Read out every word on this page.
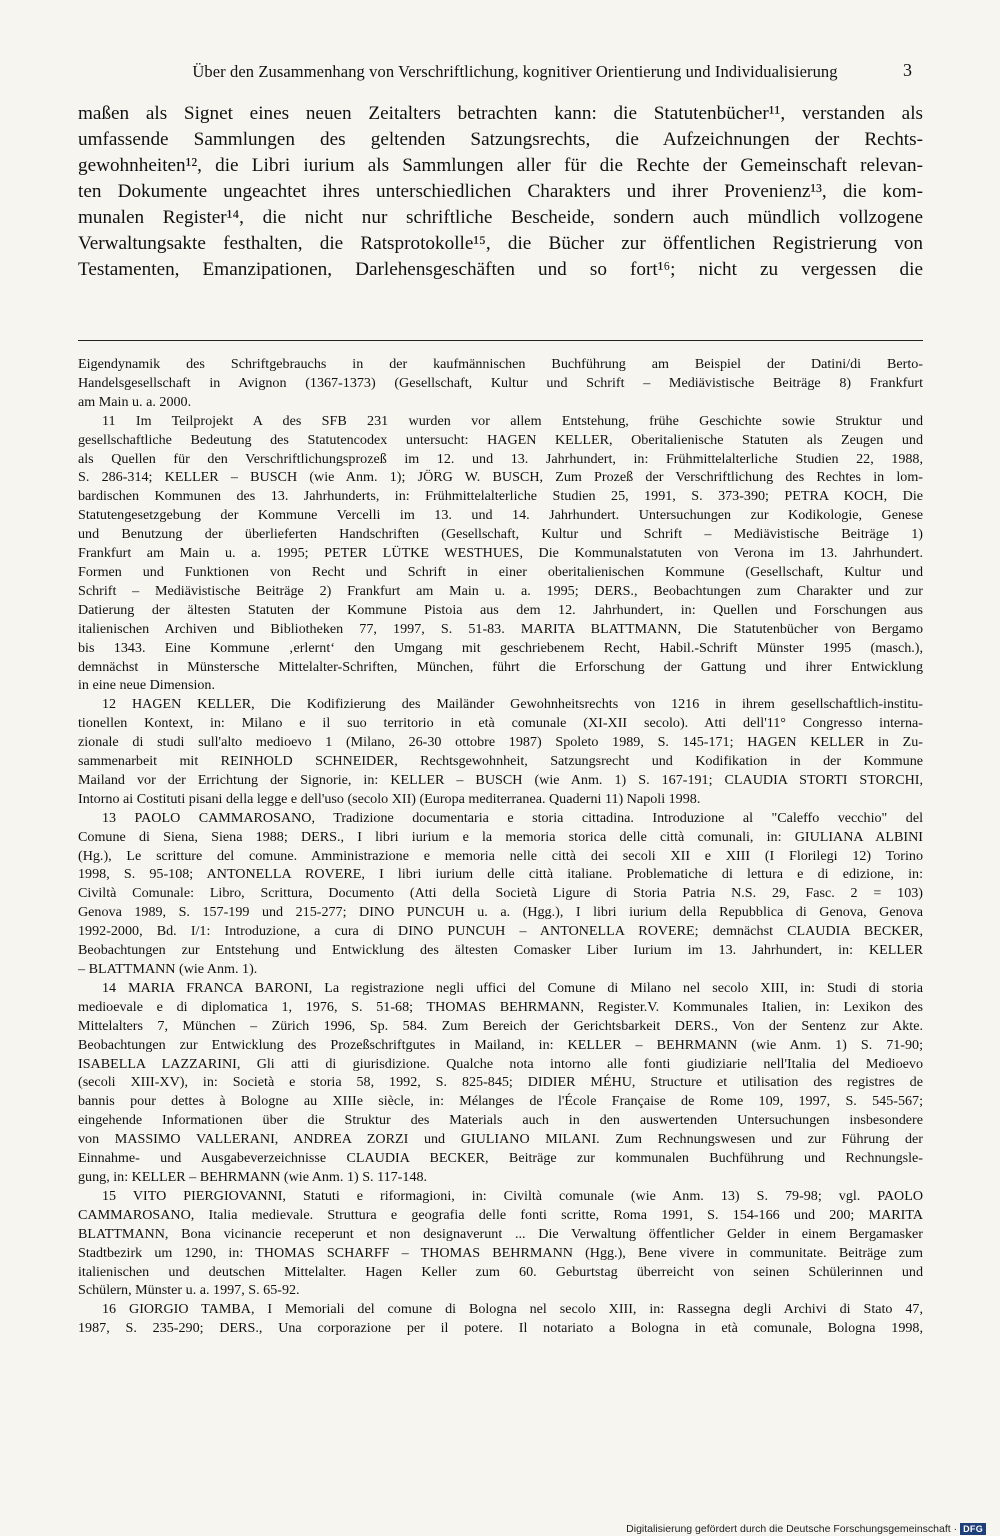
Über den Zusammenhang von Verschriftlichung, kognitiver Orientierung und Individualisierung	3
maßen als Signet eines neuen Zeitalters betrachten kann: die Statutenbücher¹¹, verstanden als
umfassende Sammlungen des geltenden Satzungsrechts, die Aufzeichnungen der Rechts-
gewohnheiten¹², die Libri iurium als Sammlungen aller für die Rechte der Gemeinschaft relevan-
ten Dokumente ungeachtet ihres unterschiedlichen Charakters und ihrer Provenienz¹³, die kom-
munalen Register¹⁴, die nicht nur schriftliche Bescheide, sondern auch mündlich vollzogene
Verwaltungsakte festhalten, die Ratsprotokolle¹⁵, die Bücher zur öffentlichen Registrierung von
Testamenten, Emanzipationen, Darlehensgeschäften und so fort¹⁶; nicht zu vergessen die
Eigendynamik des Schriftgebrauchs in der kaufmännischen Buchführung am Beispiel der Datini/di Berto-
Handelsgesellschaft in Avignon (1367-1373) (Gesellschaft, Kultur und Schrift – Mediävistische Beiträge 8) Frankfurt
am Main u. a. 2000.
11 Im Teilprojekt A des SFB 231 wurden vor allem Entstehung, frühe Geschichte sowie Struktur und
gesellschaftliche Bedeutung des Statutencodex untersucht: HAGEN KELLER, Oberitalienische Statuten als Zeugen und
als Quellen für den Verschriftlichungsprozeß im 12. und 13. Jahrhundert, in: Frühmittelalterliche Studien 22, 1988,
S. 286-314; KELLER – BUSCH (wie Anm. 1); JÖRG W. BUSCH, Zum Prozeß der Verschriftlichung des Rechtes in lom-
bardischen Kommunen des 13. Jahrhunderts, in: Frühmittelalterliche Studien 25, 1991, S. 373-390; PETRA KOCH, Die
Statutengesetzgebung der Kommune Vercelli im 13. und 14. Jahrhundert. Untersuchungen zur Kodikologie, Genese
und Benutzung der überlieferten Handschriften (Gesellschaft, Kultur und Schrift – Mediävistische Beiträge 1)
Frankfurt am Main u. a. 1995; PETER LÜTKE WESTHUES, Die Kommunalstatuten von Verona im 13. Jahrhundert.
Formen und Funktionen von Recht und Schrift in einer oberitalienischen Kommune (Gesellschaft, Kultur und
Schrift – Mediävistische Beiträge 2) Frankfurt am Main u. a. 1995; DERS., Beobachtungen zum Charakter und zur
Datierung der ältesten Statuten der Kommune Pistoia aus dem 12. Jahrhundert, in: Quellen und Forschungen aus
italienischen Archiven und Bibliotheken 77, 1997, S. 51-83. MARITA BLATTMANN, Die Statutenbücher von Bergamo
bis 1343. Eine Kommune ‚erlernt‘ den Umgang mit geschriebenem Recht, Habil.-Schrift Münster 1995 (masch.),
demnächst in Münstersche Mittelalter-Schriften, München, führt die Erforschung der Gattung und ihrer Entwicklung
in eine neue Dimension.
12 HAGEN KELLER, Die Kodifizierung des Mailänder Gewohnheitsrechts von 1216 in ihrem gesellschaftlich-institu-
tionellen Kontext, in: Milano e il suo territorio in età comunale (XI-XII secolo). Atti dell'11° Congresso interna-
zionale di studi sull'alto medioevo 1 (Milano, 26-30 ottobre 1987) Spoleto 1989, S. 145-171; HAGEN KELLER in Zu-
sammenarbeit mit REINHOLD SCHNEIDER, Rechtsgewohnheit, Satzungsrecht und Kodifikation in der Kommune
Mailand vor der Errichtung der Signorie, in: KELLER – BUSCH (wie Anm. 1) S. 167-191; CLAUDIA STORTI STORCHI,
Intorno ai Costituti pisani della legge e dell'uso (secolo XII) (Europa mediterranea. Quaderni 11) Napoli 1998.
13 PAOLO CAMMAROSANO, Tradizione documentaria e storia cittadina. Introduzione al "Caleffo vecchio" del
Comune di Siena, Siena 1988; DERS., I libri iurium e la memoria storica delle città comunali, in: GIULIANA ALBINI
(Hg.), Le scritture del comune. Amministrazione e memoria nelle città dei secoli XII e XIII (I Florilegi 12) Torino
1998, S. 95-108; ANTONELLA ROVERE, I libri iurium delle città italiane. Problematiche di lettura e di edizione, in:
Civiltà Comunale: Libro, Scrittura, Documento (Atti della Società Ligure di Storia Patria N.S. 29, Fasc. 2 = 103)
Genova 1989, S. 157-199 und 215-277; DINO PUNCUH u. a. (Hgg.), I libri iurium della Repubblica di Genova, Genova
1992-2000, Bd. I/1: Introduzione, a cura di DINO PUNCUH – ANTONELLA ROVERE; demnächst CLAUDIA BECKER,
Beobachtungen zur Entstehung und Entwicklung des ältesten Comasker Liber Iurium im 13. Jahrhundert, in: KELLER
– BLATTMANN (wie Anm. 1).
14 MARIA FRANCA BARONI, La registrazione negli uffici del Comune di Milano nel secolo XIII, in: Studi di storia
medioevale e di diplomatica 1, 1976, S. 51-68; THOMAS BEHRMANN, Register.V. Kommunales Italien, in: Lexikon des
Mittelalters 7, München – Zürich 1996, Sp. 584. Zum Bereich der Gerichtsbarkeit DERS., Von der Sentenz zur Akte.
Beobachtungen zur Entwicklung des Prozeßschriftgutes in Mailand, in: KELLER – BEHRMANN (wie Anm. 1) S. 71-90;
ISABELLA LAZZARINI, Gli atti di giurisdizione. Qualche nota intorno alle fonti giudiziarie nell'Italia del Medioevo
(secoli XIII-XV), in: Società e storia 58, 1992, S. 825-845; DIDIER MÉHU, Structure et utilisation des registres de
bannis pour dettes à Bologne au XIIIe siècle, in: Mélanges de l'École Française de Rome 109, 1997, S. 545-567;
eingehende Informationen über die Struktur des Materials auch in den auswertenden Untersuchungen insbesondere
von MASSIMO VALLERANI, ANDREA ZORZI und GIULIANO MILANI. Zum Rechnungswesen und zur Führung der
Einnahme- und Ausgabeverzeichnisse CLAUDIA BECKER, Beiträge zur kommunalen Buchführung und Rechnungsle-
gung, in: KELLER – BEHRMANN (wie Anm. 1) S. 117-148.
15 VITO PIERGIOVANNI, Statuti e riformagioni, in: Civiltà comunale (wie Anm. 13) S. 79-98; vgl. PAOLO
CAMMAROSANO, Italia medievale. Struttura e geografia delle fonti scritte, Roma 1991, S. 154-166 und 200; MARITA
BLATTMANN, Bona vicinancie receperunt et non designaverunt ... Die Verwaltung öffentlicher Gelder in einem Bergamasker
Stadtbezirk um 1290, in: THOMAS SCHARFF – THOMAS BEHRMANN (Hgg.), Bene vivere in communitate. Beiträge zum
italienischen und deutschen Mittelalter. Hagen Keller zum 60. Geburtstag überreicht von seinen Schülerinnen und
Schülern, Münster u. a. 1997, S. 65-92.
16 GIORGIO TAMBA, I Memoriali del comune di Bologna nel secolo XIII, in: Rassegna degli Archivi di Stato 47,
1987, S. 235-290; DERS., Una corporazione per il potere. Il notariato a Bologna in età comunale, Bologna 1998,
Digitalisierung gefördert durch die Deutsche Forschungsgemeinschaft · DFG
